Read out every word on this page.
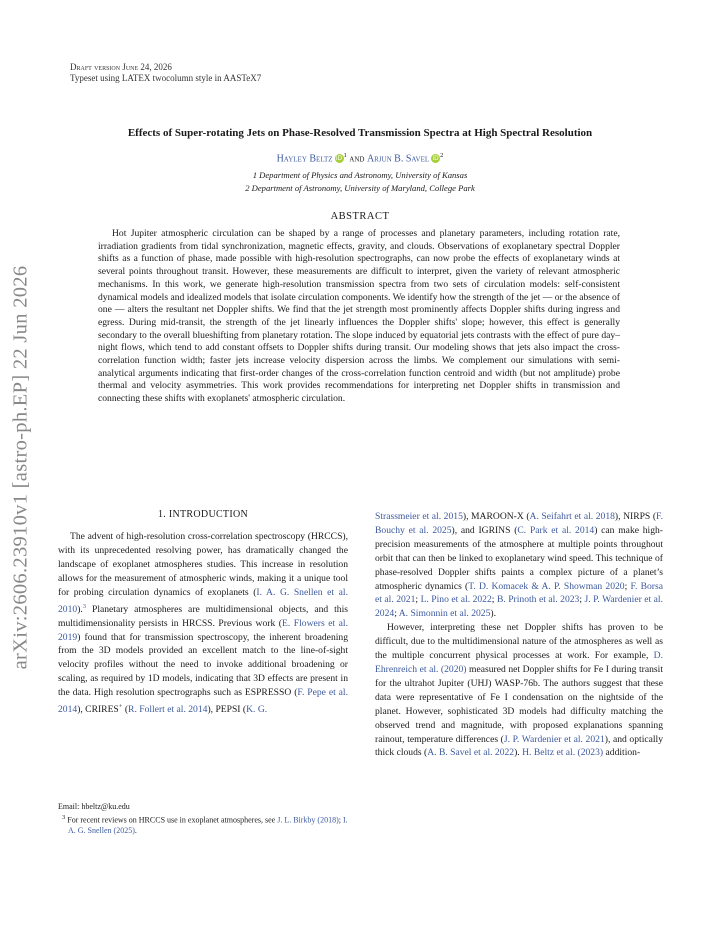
arXiv:2606.23910v1 [astro-ph.EP] 22 Jun 2026
Draft version June 24, 2026
Typeset using LATEX twocolumn style in AASTeX7
Effects of Super-rotating Jets on Phase-Resolved Transmission Spectra at High Spectral Resolution
Hayley Beltz $iD^1$ and Arjun B. Savel $iD^2$
1 Department of Physics and Astronomy, University of Kansas
2 Department of Astronomy, University of Maryland, College Park
ABSTRACT

Hot Jupiter atmospheric circulation can be shaped by a range of processes and planetary parameters, including rotation rate, irradiation gradients from tidal synchronization, magnetic effects, gravity, and clouds. Observations of exoplanetary spectral Doppler shifts as a function of phase, made possible with high-resolution spectrographs, can now probe the effects of exoplanetary winds at several points throughout transit. However, these measurements are difficult to interpret, given the variety of relevant atmospheric mechanisms. In this work, we generate high-resolution transmission spectra from two sets of circulation models: self-consistent dynamical models and idealized models that isolate circulation components. We identify how the strength of the jet — or the absence of one — alters the resultant net Doppler shifts. We find that the jet strength most prominently affects Doppler shifts during ingress and egress. During mid-transit, the strength of the jet linearly influences the Doppler shifts' slope; however, this effect is generally secondary to the overall blueshifting from planetary rotation. The slope induced by equatorial jets contrasts with the effect of pure day–night flows, which tend to add constant offsets to Doppler shifts during transit. Our modeling shows that jets also impact the cross-correlation function width; faster jets increase velocity dispersion across the limbs. We complement our simulations with semi-analytical arguments indicating that first-order changes of the cross-correlation function centroid and width (but not amplitude) probe thermal and velocity asymmetries. This work provides recommendations for interpreting net Doppler shifts in transmission and connecting these shifts with exoplanets' atmospheric circulation.

1. INTRODUCTION

The advent of high-resolution cross-correlation spectroscopy (HRCCS), with its unprecedented resolving power, has dramatically changed the landscape of exoplanet atmospheres studies. This increase in resolution allows for the measurement of atmospheric winds, making it a unique tool for probing circulation dynamics of exoplanets (I. A. G. Snellen et al. 2010).$^3$ Planetary atmospheres are multidimensional objects, and this multidimensionality persists in HRCSS. Previous work (E. Flowers et al. 2019) found that for transmission spectroscopy, the inherent broadening from the 3D models provided an excellent match to the line-of-sight velocity profiles without the need to invoke additional broadening or scaling, as required by 1D models, indicating that 3D effects are present in the data. High resolution spectrographs such as ESPRESSO (F. Pepe et al. 2014), CRIRES+ (R. Follert et al. 2014), PEPSI (K. G.

Email: hbeltz@ku.edu

$^3$ For recent reviews on HRCCS use in exoplanet atmospheres, see J. L. Birkby (2018); I. A. G. Snellen (2025).

Strassmeier et al. 2015), MAROON-X (A. Seifahrt et al. 2018), NIRPS (F. Bouchy et al. 2025), and IGRINS (C. Park et al. 2014) can make high-precision measurements of the atmosphere at multiple points throughout orbit that can then be linked to exoplanetary wind speed. This technique of phase-resolved Doppler shifts paints a complex picture of a planet’s atmospheric dynamics (T. D. Komacek & A. P. Showman 2020; F. Borsa et al. 2021; L. Pino et al. 2022; B. Prinoth et al. 2023; J. P. Wardenier et al. 2024; A. Simonnin et al. 2025).

However, interpreting these net Doppler shifts has proven to be difficult, due to the multidimensional nature of the atmospheres as well as the multiple concurrent physical processes at work. For example, D. Ehrenreich et al. (2020) measured net Doppler shifts for Fe I during transit for the ultrahot Jupiter (UHJ) WASP-76b. The authors suggest that these data were representative of Fe I condensation on the nightside of the planet. However, sophisticated 3D models had difficulty matching the observed trend and magnitude, with proposed explanations spanning rainout, temperature differences (J. P. Wardenier et al. 2021), and optically thick clouds (A. B. Savel et al. 2022). H. Beltz et al. (2023) addition-
